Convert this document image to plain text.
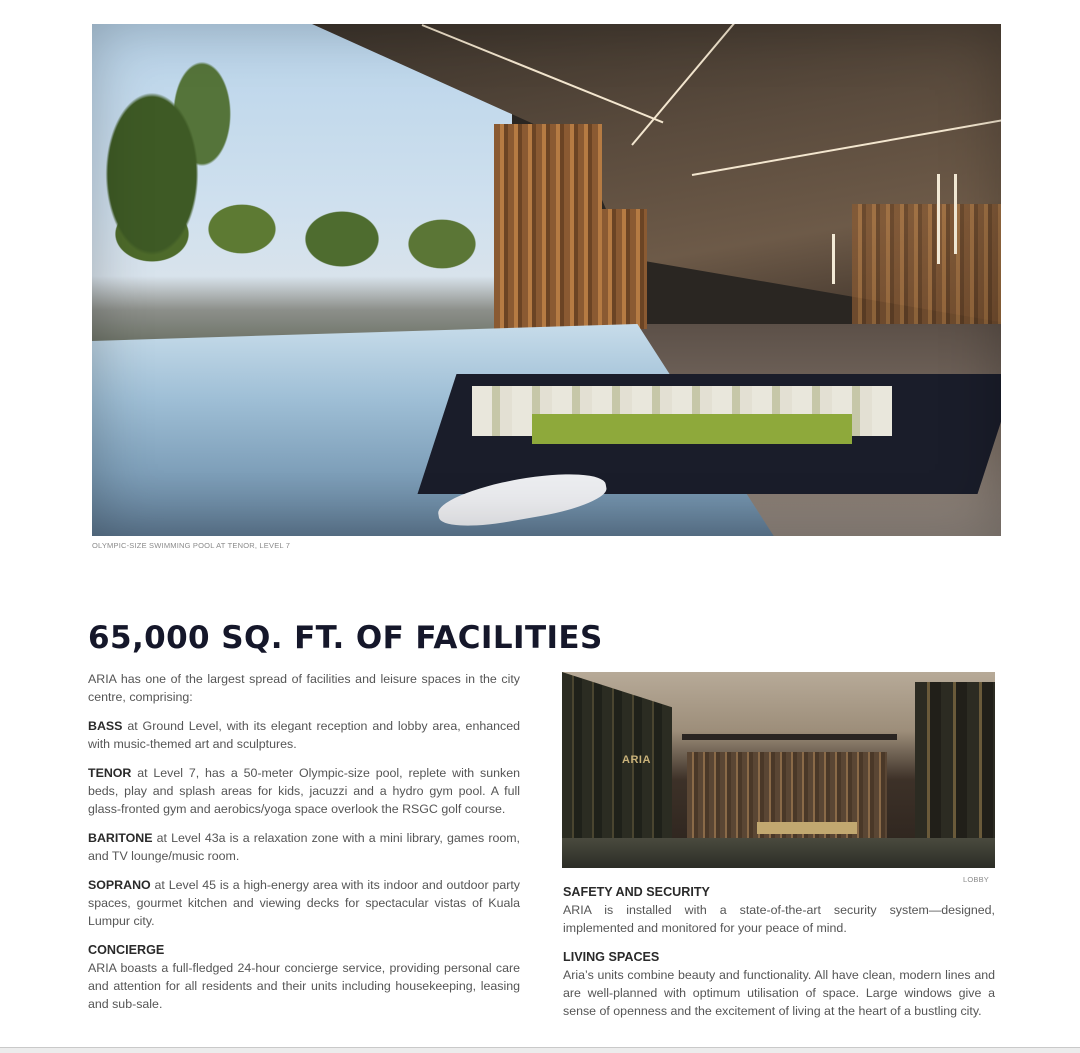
OLYMPIC-SIZE SWIMMING POOL AT TENOR, LEVEL 7
65,000 SQ. FT. OF FACILITIES

ARIA has one of the largest spread of facilities and leisure spaces in the city centre, comprising:

BASS at Ground Level, with its elegant reception and lobby area, enhanced with music-themed art and sculptures.

TENOR at Level 7, has a 50-meter Olympic-size pool, replete with sunken beds, play and splash areas for kids, jacuzzi and a hydro gym pool. A full glass-fronted gym and aerobics/yoga space overlook the RSGC golf course.

BARITONE at Level 43a is a relaxation zone with a mini library, games room, and TV lounge/music room.

SOPRANO at Level 45 is a high-energy area with its indoor and outdoor party spaces, gourmet kitchen and viewing decks for spectacular vistas of Kuala Lumpur city.

CONCIERGE
ARIA boasts a full-fledged 24-hour concierge service, providing personal care and attention for all residents and their units including housekeeping, leasing and sub-sale.
ARIA
LOBBY
SAFETY AND SECURITY
ARIA is installed with a state-of-the-art security system—designed, implemented and monitored for your peace of mind.
LIVING SPACES
Aria’s units combine beauty and functionality. All have clean, modern lines and are well-planned with optimum utilisation of space. Large windows give a sense of openness and the excitement of living at the heart of a bustling city.
